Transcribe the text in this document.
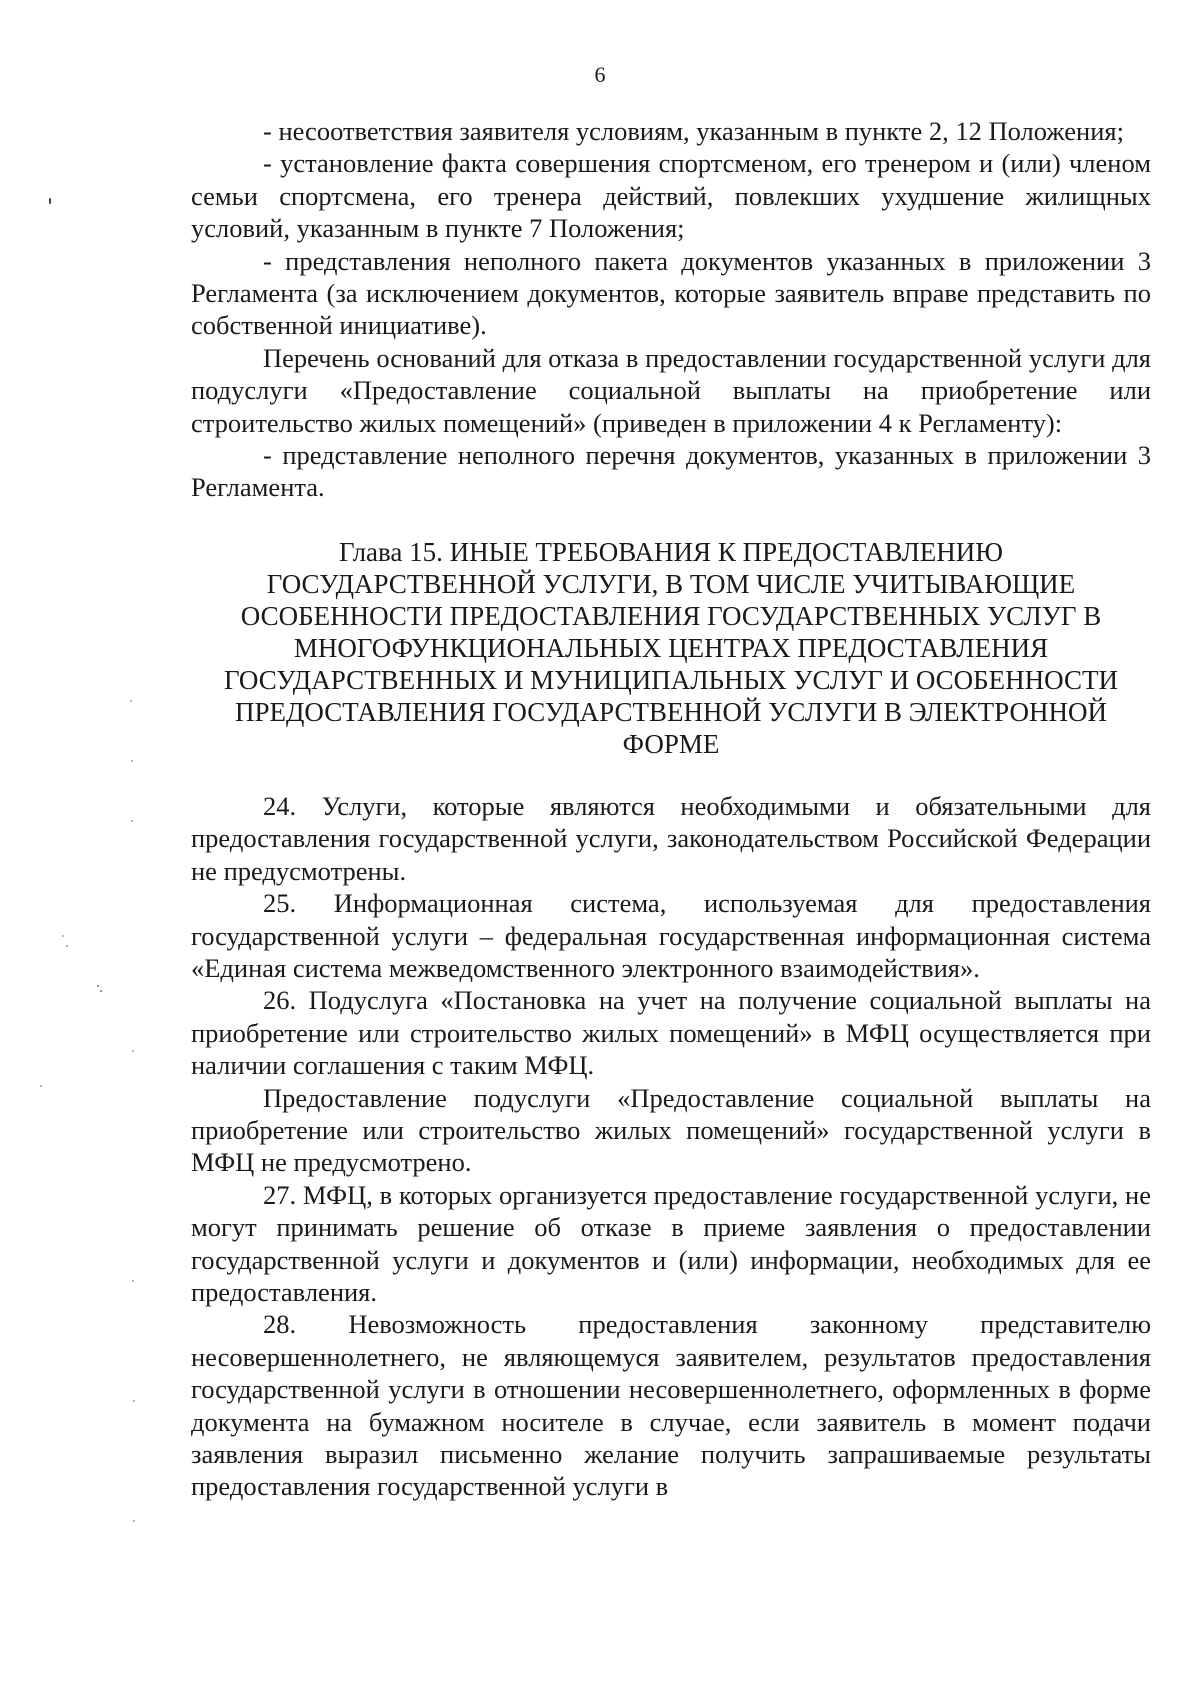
6

- несоответствия заявителя условиям, указанным в пункте 2, 12 Положения;

- установление факта совершения спортсменом, его тренером и (или) членом семьи спортсмена, его тренера действий, повлекших ухудшение жилищных условий, указанным в пункте 7 Положения;

- представления неполного пакета документов указанных в приложении 3 Регламента (за исключением документов, которые заявитель вправе представить по собственной инициативе).

Перечень оснований для отказа в предоставлении государственной услуги для подуслуги «Предоставление социальной выплаты на приобретение или строительство жилых помещений» (приведен в приложении 4 к Регламенту):

- представление неполного перечня документов, указанных в приложении 3 Регламента.

Глава 15. ИНЫЕ ТРЕБОВАНИЯ К ПРЕДОСТАВЛЕНИЮ
ГОСУДАРСТВЕННОЙ УСЛУГИ, В ТОМ ЧИСЛЕ УЧИТЫВАЮЩИЕ
ОСОБЕННОСТИ ПРЕДОСТАВЛЕНИЯ ГОСУДАРСТВЕННЫХ УСЛУГ В
МНОГОФУНКЦИОНАЛЬНЫХ ЦЕНТРАХ ПРЕДОСТАВЛЕНИЯ
ГОСУДАРСТВЕННЫХ И МУНИЦИПАЛЬНЫХ УСЛУГ И ОСОБЕННОСТИ
ПРЕДОСТАВЛЕНИЯ ГОСУДАРСТВЕННОЙ УСЛУГИ В ЭЛЕКТРОННОЙ
ФОРМЕ

24. Услуги, которые являются необходимыми и обязательными для предоставления государственной услуги, законодательством Российской Федерации не предусмотрены.

25. Информационная система, используемая для предоставления государственной услуги – федеральная государственная информационная система «Единая система межведомственного электронного взаимодействия».

26. Подуслуга «Постановка на учет на получение социальной выплаты на приобретение или строительство жилых помещений» в МФЦ осуществляется при наличии соглашения с таким МФЦ.

Предоставление подуслуги «Предоставление социальной выплаты на приобретение или строительство жилых помещений» государственной услуги в МФЦ не предусмотрено.

27. МФЦ, в которых организуется предоставление государственной услуги, не могут принимать решение об отказе в приеме заявления о предоставлении государственной услуги и документов и (или) информации, необходимых для ее предоставления.

28. Невозможность предоставления законному представителю несовершеннолетнего, не являющемуся заявителем, результатов предоставления государственной услуги в отношении несовершеннолетнего, оформленных в форме документа на бумажном носителе в случае, если заявитель в момент подачи заявления выразил письменно желание получить запрашиваемые результаты предоставления государственной услуги в
